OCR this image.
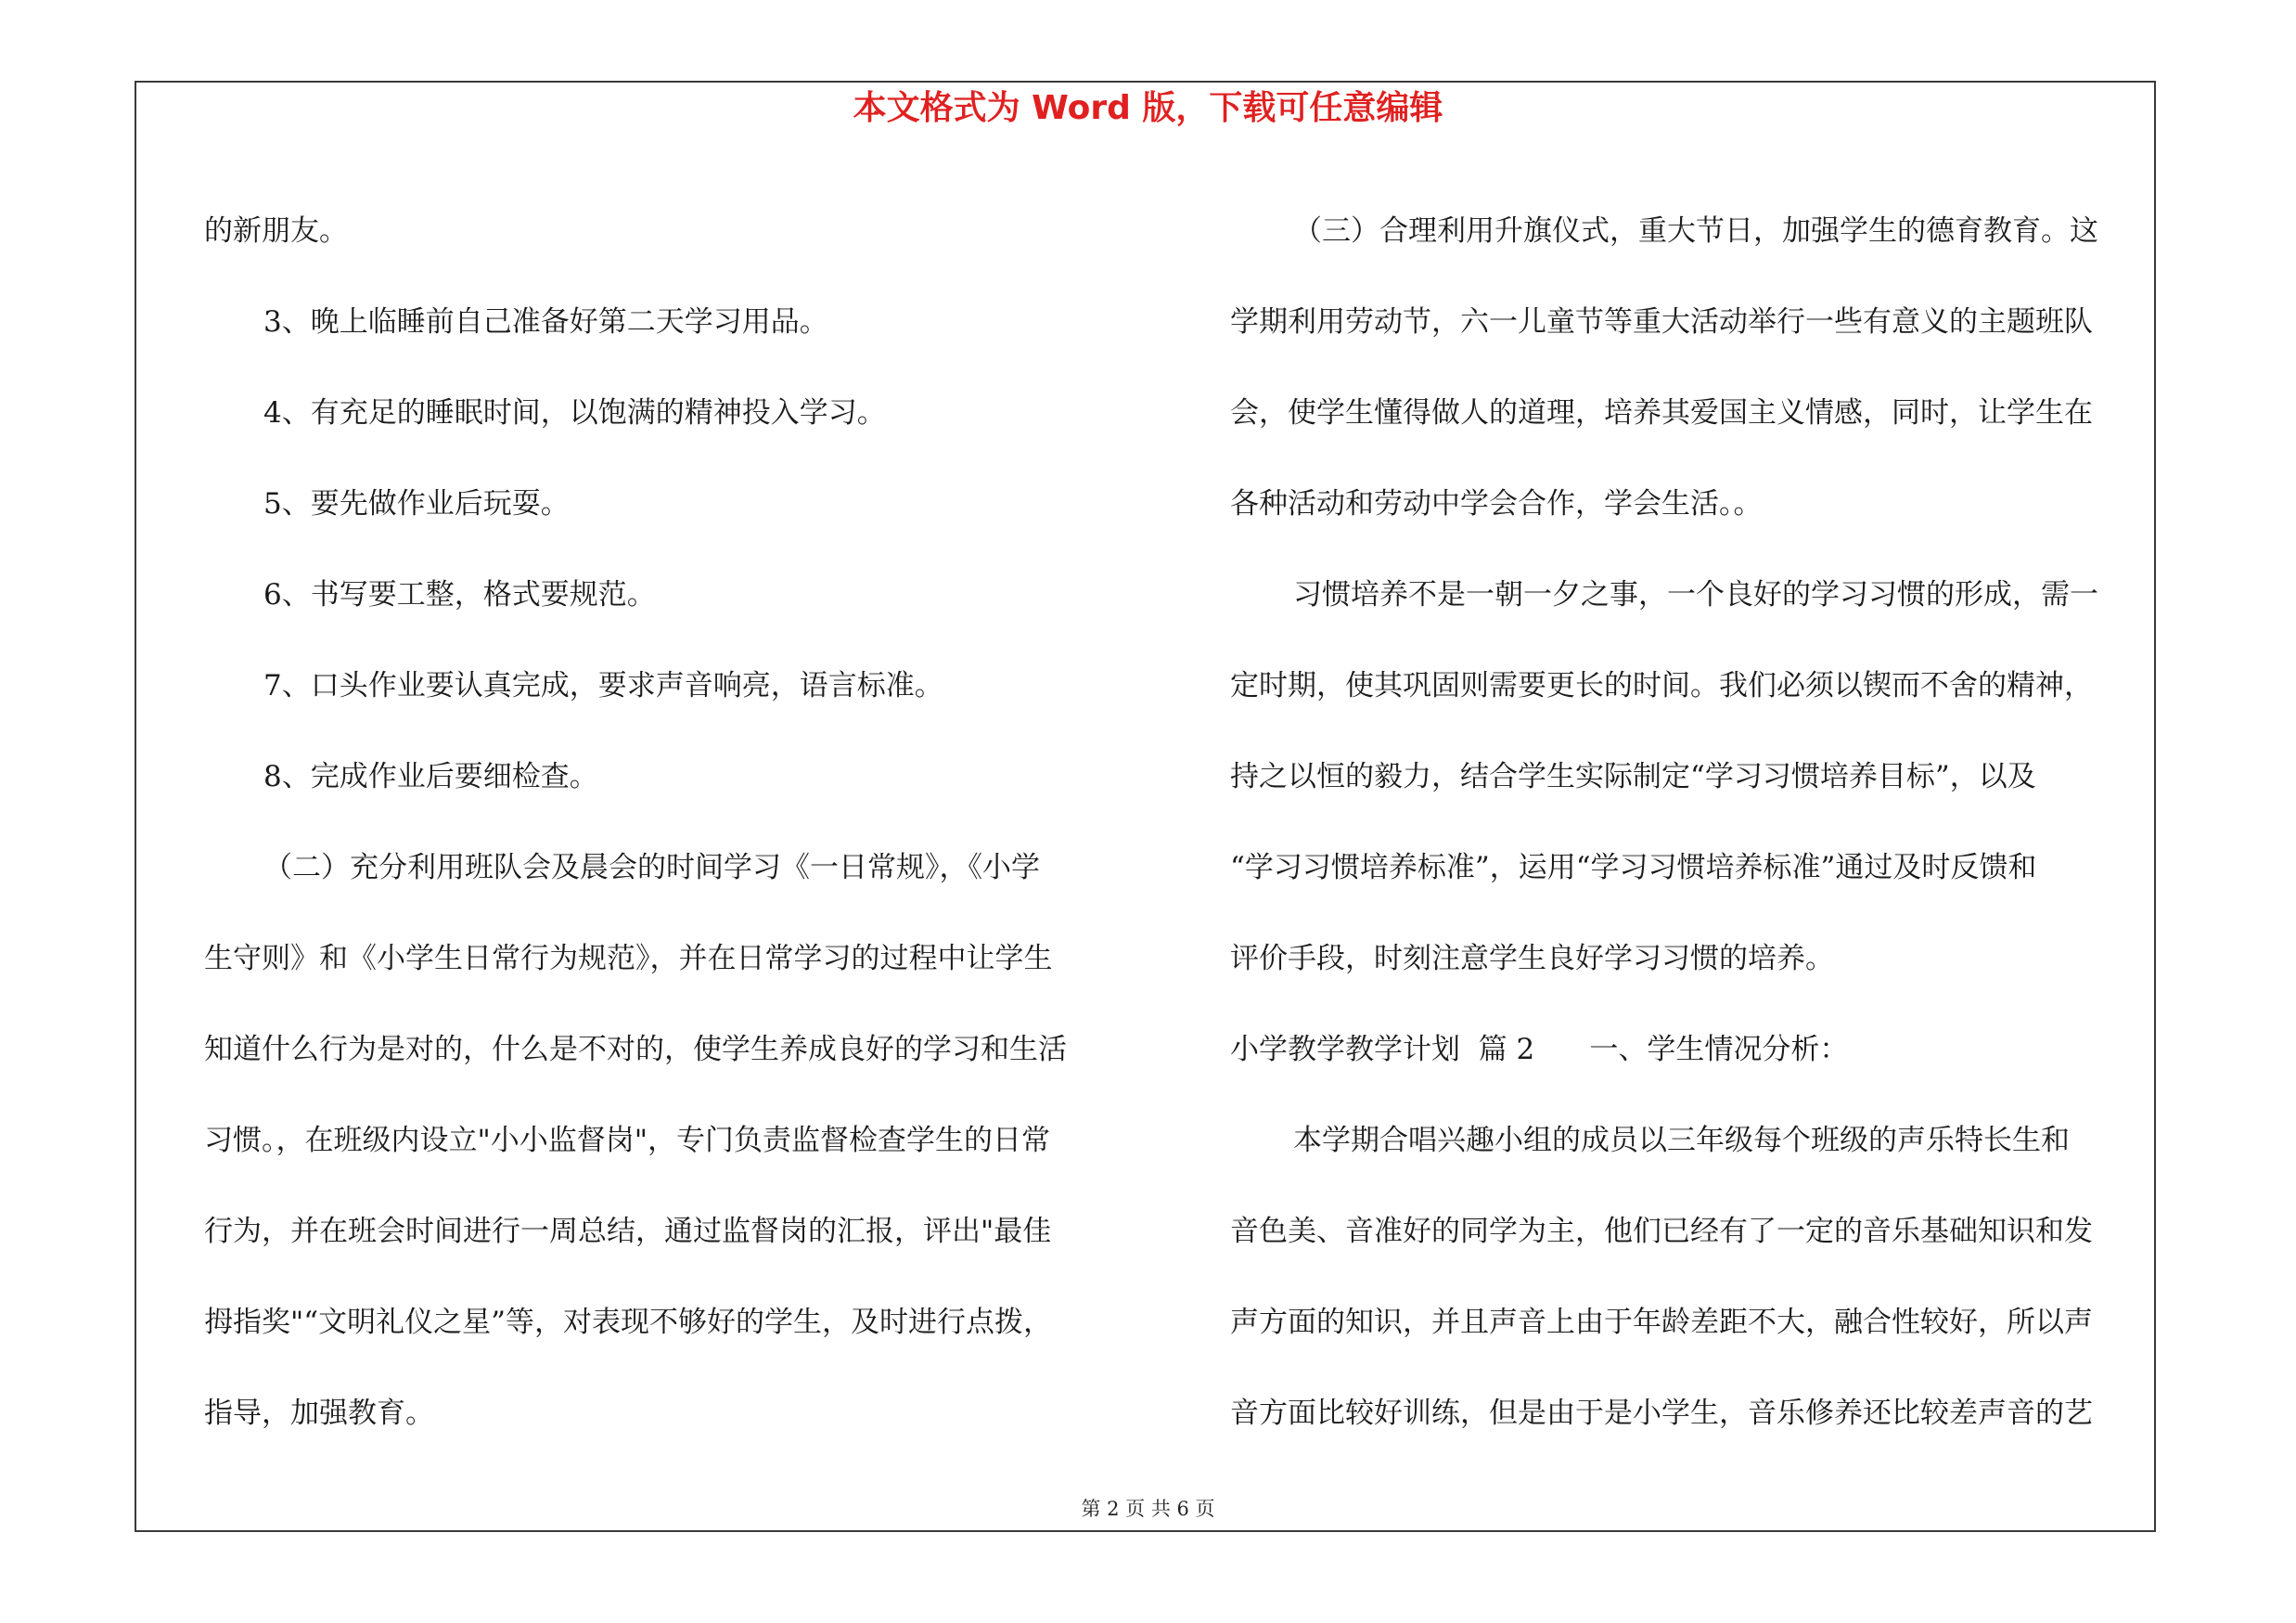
本文格式为 Word 版，下载可任意编辑
的新朋友。
3、晚上临睡前自己准备好第二天学习用品。
4、有充足的睡眠时间，以饱满的精神投入学习。
5、要先做作业后玩耍。
6、书写要工整，格式要规范。
7、口头作业要认真完成，要求声音响亮，语言标准。
8、完成作业后要细检查。
（二）充分利用班队会及晨会的时间学习《一日常规》，《小学
生守则》和《小学生日常行为规范》，并在日常学习的过程中让学生
知道什么行为是对的，什么是不对的，使学生养成良好的学习和生活
习惯。，在班级内设立"小小监督岗"，专门负责监督检查学生的日常
行为，并在班会时间进行一周总结，通过监督岗的汇报，评出"最佳
拇指奖"“文明礼仪之星”等，对表现不够好的学生，及时进行点拨，
指导，加强教育。
（三）合理利用升旗仪式，重大节日，加强学生的德育教育。这
学期利用劳动节，六一儿童节等重大活动举行一些有意义的主题班队
会，使学生懂得做人的道理，培养其爱国主义情感，同时，让学生在
各种活动和劳动中学会合作，学会生活。。
习惯培养不是一朝一夕之事，一个良好的学习习惯的形成，需一
定时期，使其巩固则需要更长的时间。我们必须以锲而不舍的精神，
持之以恒的毅力，结合学生实际制定“学习习惯培养目标”，以及
“学习习惯培养标准”，运用“学习习惯培养标准”通过及时反馈和
评价手段，时刻注意学生良好学习习惯的培养。
小学教学教学计划  篇 2      一、学生情况分析：
本学期合唱兴趣小组的成员以三年级每个班级的声乐特长生和
音色美、音准好的同学为主，他们已经有了一定的音乐基础知识和发
声方面的知识，并且声音上由于年龄差距不大，融合性较好，所以声
音方面比较好训练，但是由于是小学生，音乐修养还比较差声音的艺
第 2 页 共 6 页
